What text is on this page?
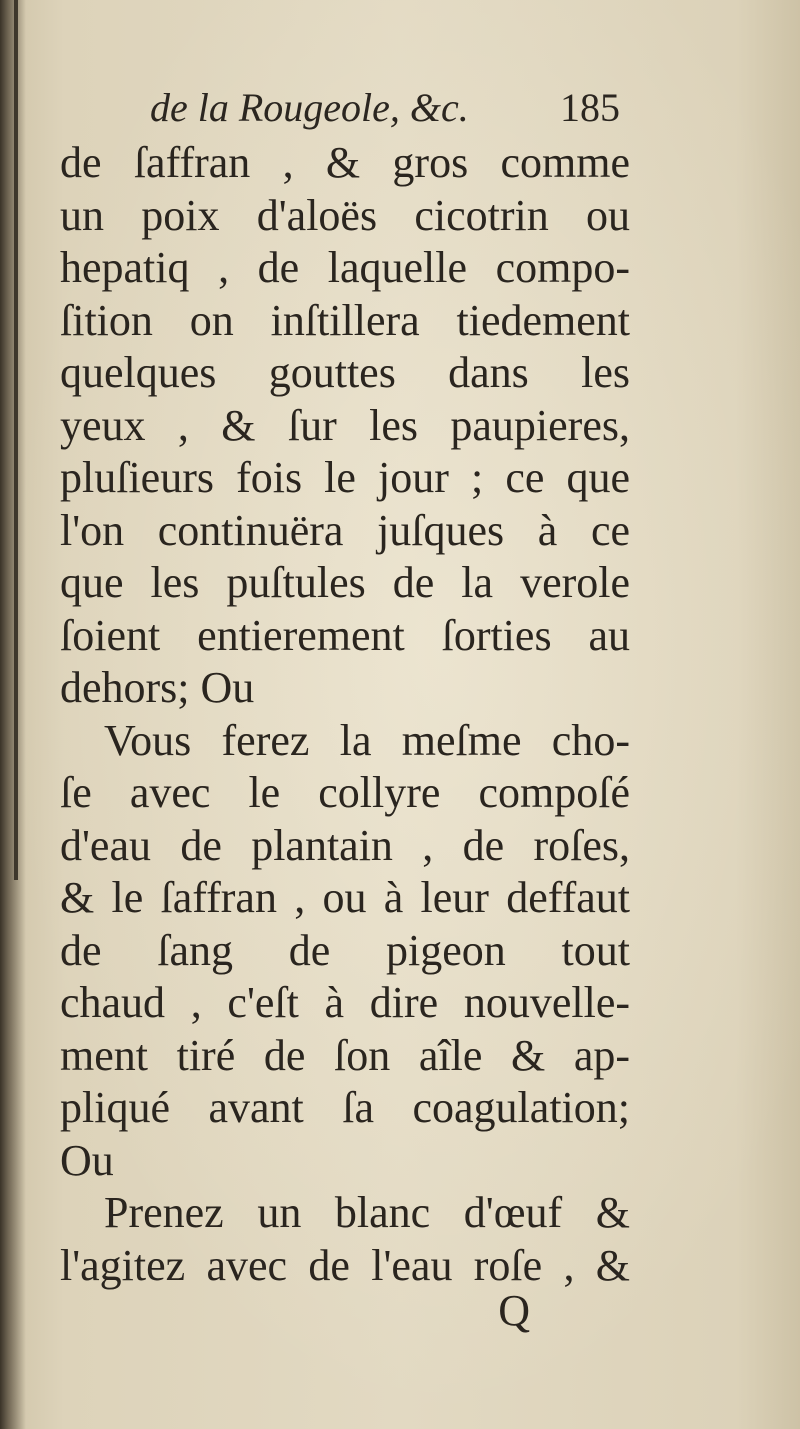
de la Rougeole, &c.	185
de ſaffran , & gros comme
un poix d'aloës cicotrin ou
hepatiq , de laquelle compo-
ſition on inſtillera tiedement
quelques gouttes dans les
yeux , & ſur les paupieres,
pluſieurs fois le jour ; ce que
l'on continuëra juſques à ce
que les puſtules de la verole
ſoient entierement ſorties au
dehors; Ou
Vous ferez la meſme cho-
ſe avec le collyre compoſé
d'eau de plantain , de roſes,
& le ſaffran , ou à leur deffaut
de ſang de pigeon tout
chaud , c'eſt à dire nouvelle-
ment tiré de ſon aîle & ap-
pliqué avant ſa coagulation;
Ou
Prenez un blanc d'œuf &
l'agitez avec de l'eau roſe , &
Q
